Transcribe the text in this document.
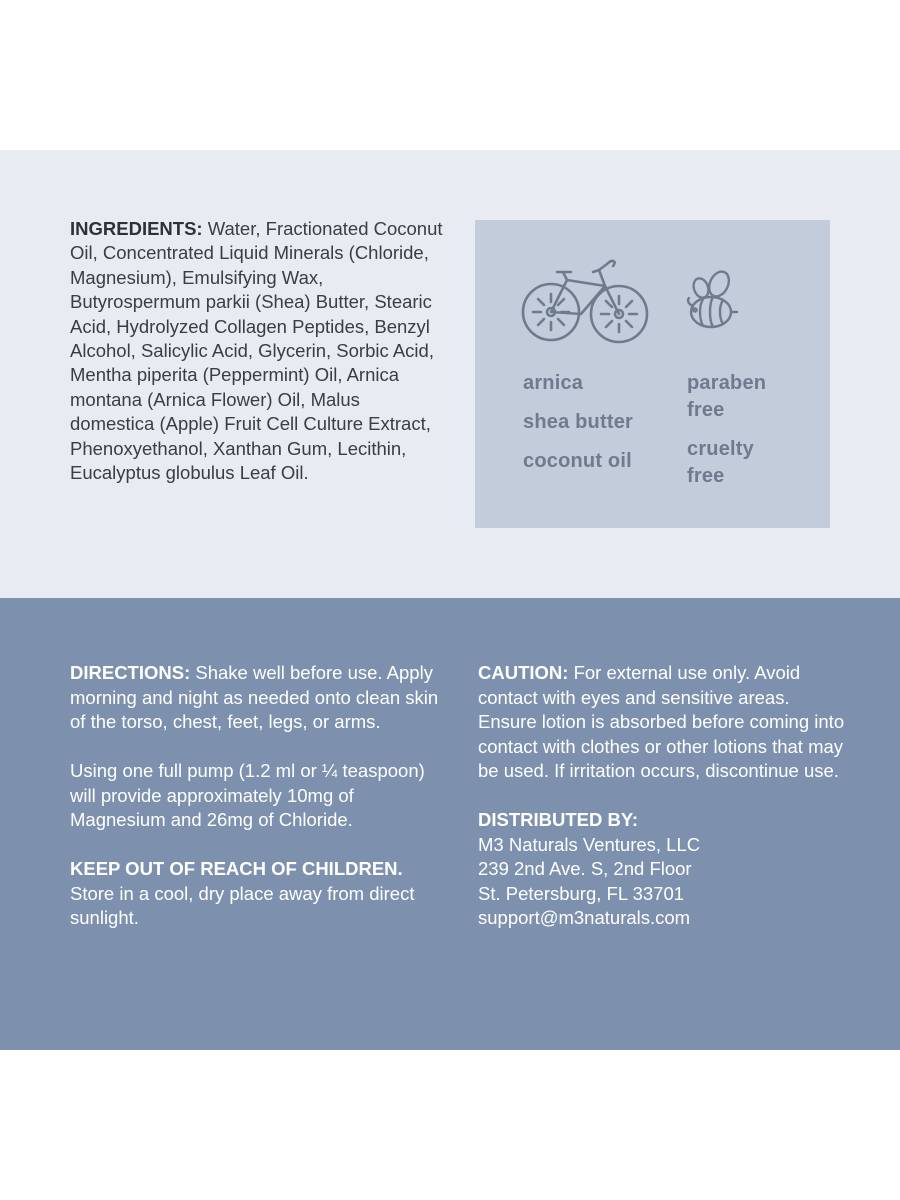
INGREDIENTS: Water, Fractionated Coconut Oil, Concentrated Liquid Minerals (Chloride, Magnesium), Emulsifying Wax, Butyrospermum parkii (Shea) Butter, Stearic Acid, Hydrolyzed Collagen Peptides, Benzyl Alcohol, Salicylic Acid, Glycerin, Sorbic Acid, Mentha piperita (Peppermint) Oil, Arnica montana (Arnica Flower) Oil, Malus domestica (Apple) Fruit Cell Culture Extract, Phenoxyethanol, Xanthan Gum, Lecithin, Eucalyptus globulus Leaf Oil.
arnica
shea butter
coconut oil
paraben free
cruelty free

DIRECTIONS: Shake well before use. Apply morning and night as needed onto clean skin of the torso, chest, feet, legs, or arms.

Using one full pump (1.2 ml or ¼ teaspoon) will provide approximately 10mg of Magnesium and 26mg of Chloride.

KEEP OUT OF REACH OF CHILDREN. Store in a cool, dry place away from direct sunlight.

CAUTION: For external use only. Avoid contact with eyes and sensitive areas. Ensure lotion is absorbed before coming into contact with clothes or other lotions that may be used. If irritation occurs, discontinue use.

DISTRIBUTED BY:
M3 Naturals Ventures, LLC
239 2nd Ave. S, 2nd Floor
St. Petersburg, FL 33701
support@m3naturals.com
